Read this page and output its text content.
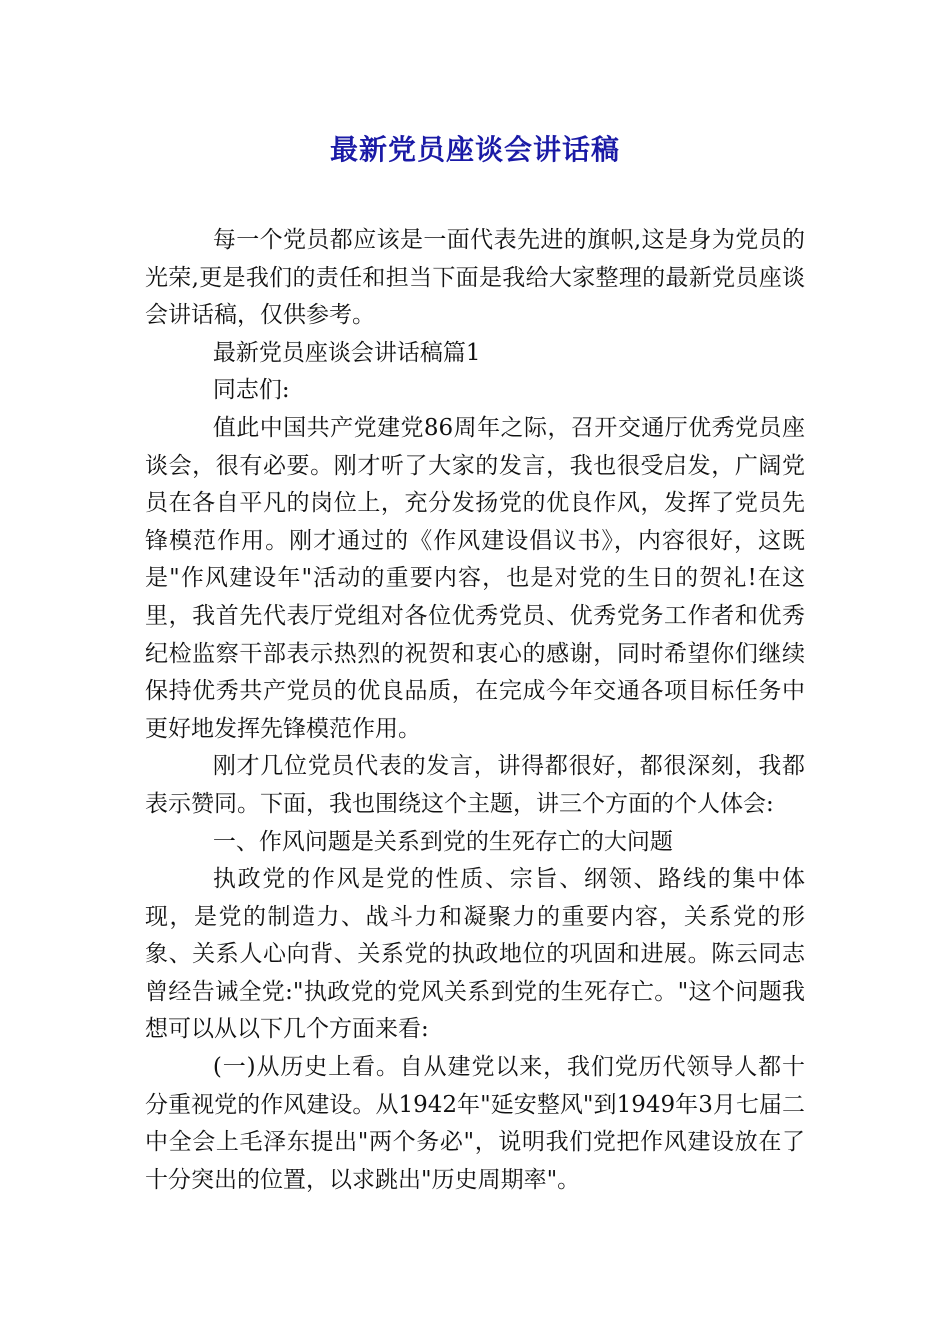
最新党员座谈会讲话稿

每一个党员都应该是一面代表先进的旗帜,这是身为党员的光荣,更是我们的责任和担当下面是我给大家整理的最新党员座谈会讲话稿，仅供参考。

最新党员座谈会讲话稿篇1

同志们:

值此中国共产党建党86周年之际，召开交通厅优秀党员座谈会，很有必要。刚才听了大家的发言，我也很受启发，广阔党员在各自平凡的岗位上，充分发扬党的优良作风，发挥了党员先锋模范作用。刚才通过的《作风建设倡议书》，内容很好，这既是"作风建设年"活动的重要内容，也是对党的生日的贺礼!在这里，我首先代表厅党组对各位优秀党员、优秀党务工作者和优秀纪检监察干部表示热烈的祝贺和衷心的感谢，同时希望你们继续保持优秀共产党员的优良品质，在完成今年交通各项目标任务中更好地发挥先锋模范作用。

刚才几位党员代表的发言，讲得都很好，都很深刻，我都表示赞同。下面，我也围绕这个主题，讲三个方面的个人体会:

一、作风问题是关系到党的生死存亡的大问题

执政党的作风是党的性质、宗旨、纲领、路线的集中体现，是党的制造力、战斗力和凝聚力的重要内容，关系党的形象、关系人心向背、关系党的执政地位的巩固和进展。陈云同志曾经告诫全党:"执政党的党风关系到党的生死存亡。"这个问题我想可以从以下几个方面来看:

(一)从历史上看。自从建党以来，我们党历代领导人都十分重视党的作风建设。从1942年"延安整风"到1949年3月七届二中全会上毛泽东提出"两个务必"，说明我们党把作风建设放在了十分突出的位置，以求跳出"历史周期率"。
